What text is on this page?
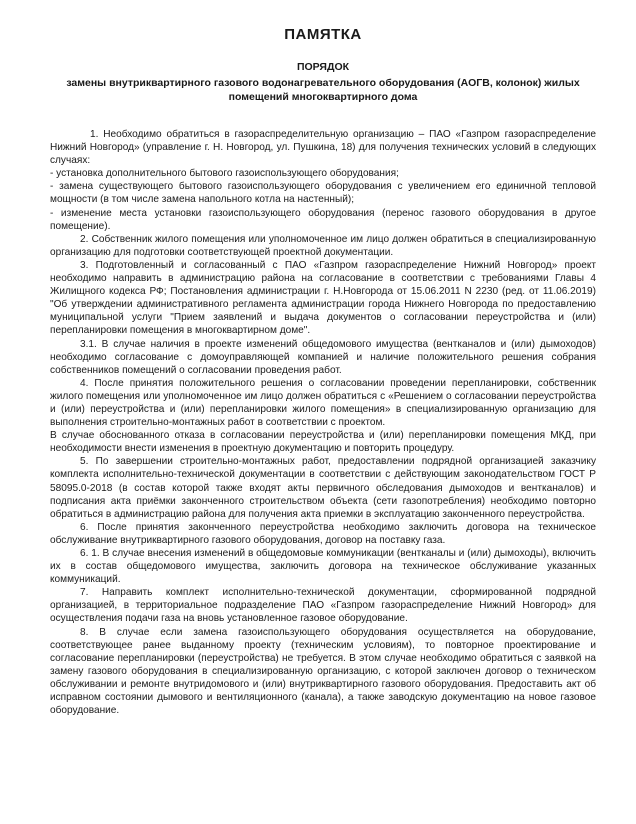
ПАМЯТКА
ПОРЯДОК
замены внутриквартирного газового водонагревательного оборудования (АОГВ, колонок) жилых помещений многоквартирного дома

1. Необходимо обратиться в газораспределительную организацию – ПАО «Газпром газораспределение Нижний Новгород» (управление г. Н. Новгород, ул. Пушкина, 18) для получения технических условий в следующих случаях:

- установка дополнительного бытового газоиспользующего оборудования;

- замена существующего бытового газоиспользующего оборудования с увеличением его единичной тепловой мощности (в том числе замена напольного котла на настенный);

- изменение места установки газоиспользующего оборудования (перенос газового оборудования в другое помещение).

2. Собственник жилого помещения или уполномоченное им лицо должен обратиться в специализированную организацию для подготовки соответствующей проектной документации.

3. Подготовленный и согласованный с ПАО «Газпром газораспределение Нижний Новгород» проект необходимо направить в администрацию района на согласование в соответствии с требованиями Главы 4 Жилищного кодекса РФ; Постановления администрации г. Н.Новгорода от 15.06.2011 N 2230 (ред. от 11.06.2019) "Об утверждении административного регламента администрации города Нижнего Новгорода по предоставлению муниципальной услуги "Прием заявлений и выдача документов о согласовании переустройства и (или) перепланировки помещения в многоквартирном доме".

3.1. В случае наличия в проекте изменений общедомового имущества (вентканалов и (или) дымоходов) необходимо согласование с домоуправляющей компанией и наличие положительного решения собрания собственников помещений о согласовании проведения работ.

4. После принятия положительного решения о согласовании проведении перепланировки, собственник жилого помещения или уполномоченное им лицо должен обратиться с «Решением о согласовании переустройства и (или) переустройства и (или) перепланировки жилого помещения» в специализированную организацию для выполнения строительно-монтажных работ в соответствии с проектом.

В случае обоснованного отказа в согласовании переустройства и (или) перепланировки помещения МКД, при необходимости внести изменения в проектную документацию и повторить процедуру.

5. По завершении строительно-монтажных работ, предоставлении подрядной организацией заказчику комплекта исполнительно-технической документации в соответствии с действующим законодательством ГОСТ Р 58095.0-2018 (в состав которой также входят акты первичного обследования дымоходов и вентканалов) и подписания акта приёмки законченного строительством объекта (сети газопотребления) необходимо повторно обратиться в администрацию района для получения акта приемки в эксплуатацию законченного переустройства.

6. После принятия законченного переустройства необходимо заключить договора на техническое обслуживание внутриквартирного газового оборудования, договор на поставку газа.

6. 1. В случае внесения изменений в общедомовые коммуникации (вентканалы и (или) дымоходы), включить их в состав общедомового имущества, заключить договора на техническое обслуживание указанных коммуникаций.

7. Направить комплект исполнительно-технической документации, сформированной подрядной организацией, в территориальное подразделение ПАО «Газпром газораспределение Нижний Новгород» для осуществления подачи газа на вновь установленное газовое оборудование.

8. В случае если замена газоиспользующего оборудования осуществляется на оборудование, соответствующее ранее выданному проекту (техническим условиям), то повторное проектирование и согласование перепланировки (переустройства) не требуется. В этом случае необходимо обратиться с заявкой на замену газового оборудования в специализированную организацию, с которой заключен договор о техническом обслуживании и ремонте внутридомового и (или) внутриквартирного газового оборудования. Предоставить акт об исправном состоянии дымового и вентиляционного (канала), а также заводскую документацию на новое газовое оборудование.
